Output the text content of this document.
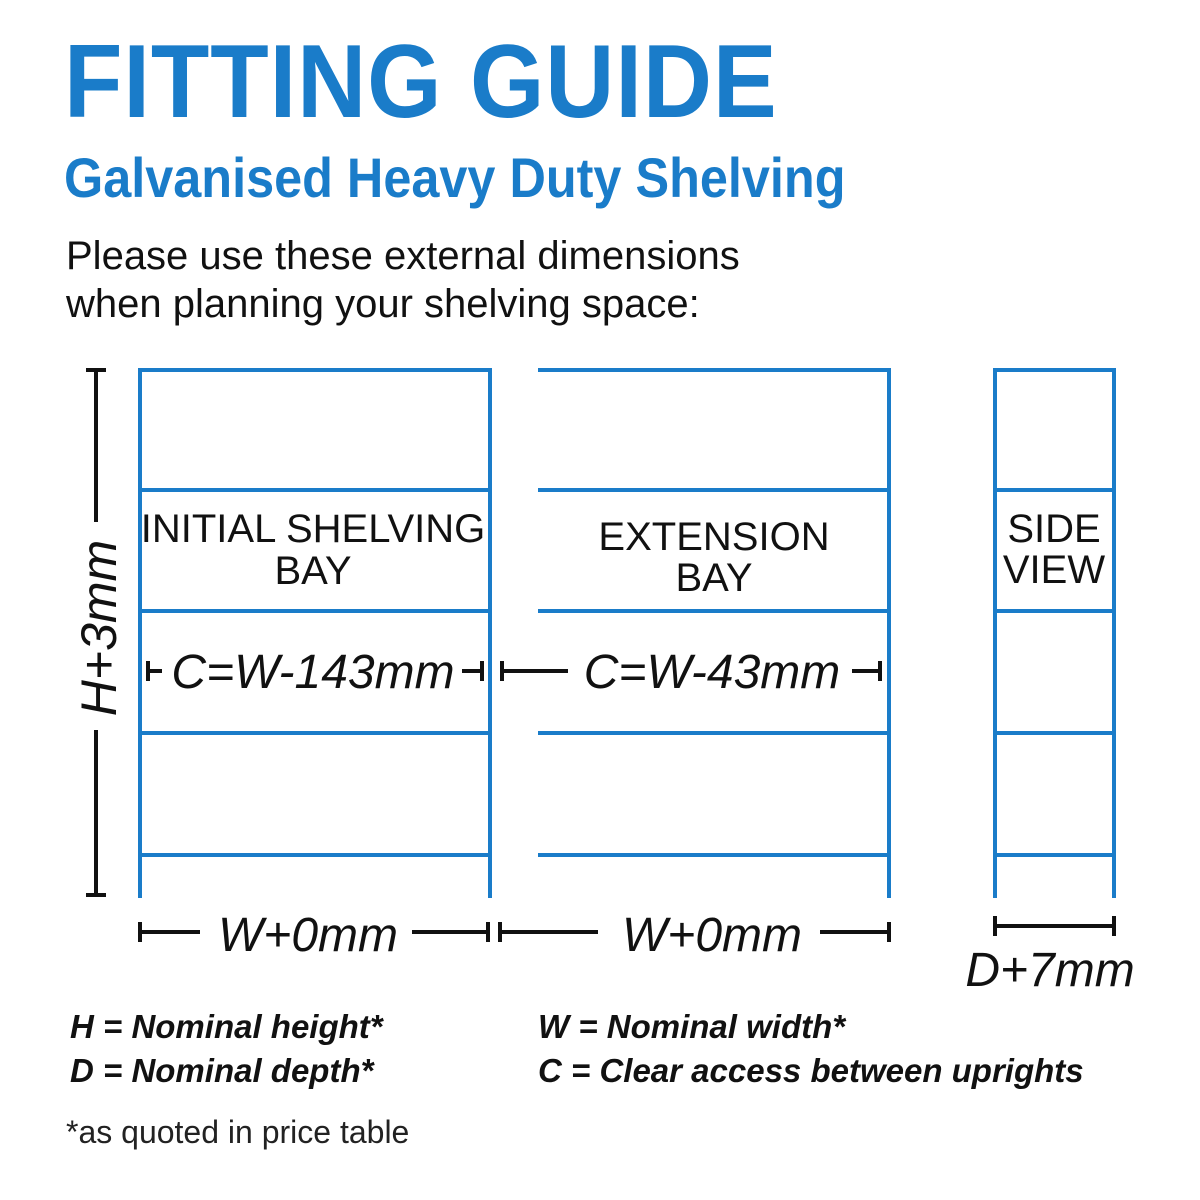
FITTING GUIDE
Galvanised Heavy Duty Shelving
Please use these external dimensions
when planning your shelving space:
H+3mm
INITIAL SHELVING
BAY
C=W-143mm
EXTENSION
BAY
C=W-43mm
SIDE
VIEW
W+0mm	W+0mm
D+7mm
H = Nominal height*
D = Nominal depth*
W = Nominal width*
C = Clear access between uprights
*as quoted in price table
